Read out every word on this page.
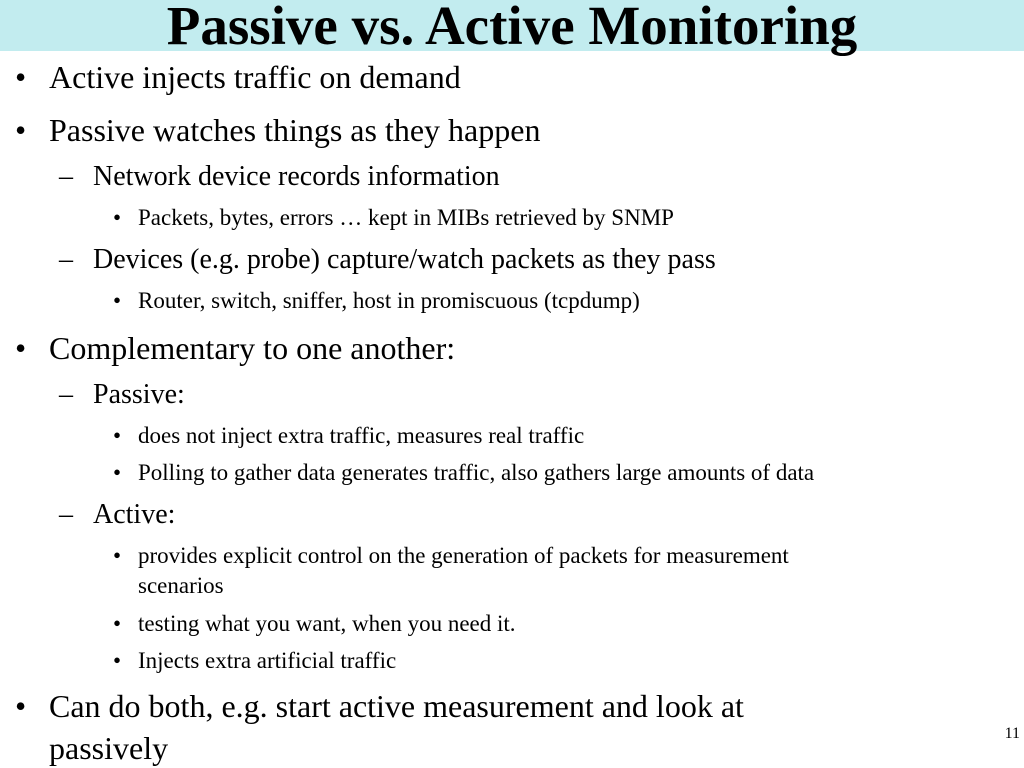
Passive vs. Active Monitoring
• Active injects traffic on demand
• Passive watches things as they happen
– Network device records information
• Packets, bytes, errors … kept in MIBs retrieved by SNMP
– Devices (e.g. probe) capture/watch packets as they pass
• Router, switch, sniffer, host in promiscuous (tcpdump)
• Complementary to one another:
– Passive:
• does not inject extra traffic, measures real traffic
• Polling to gather data generates traffic, also gathers large amounts of data
– Active:
• provides explicit control on the generation of packets for measurement
scenarios
• testing what you want, when you need it.
• Injects extra artificial traffic
• Can do both, e.g. start active measurement and look at
passively	11
